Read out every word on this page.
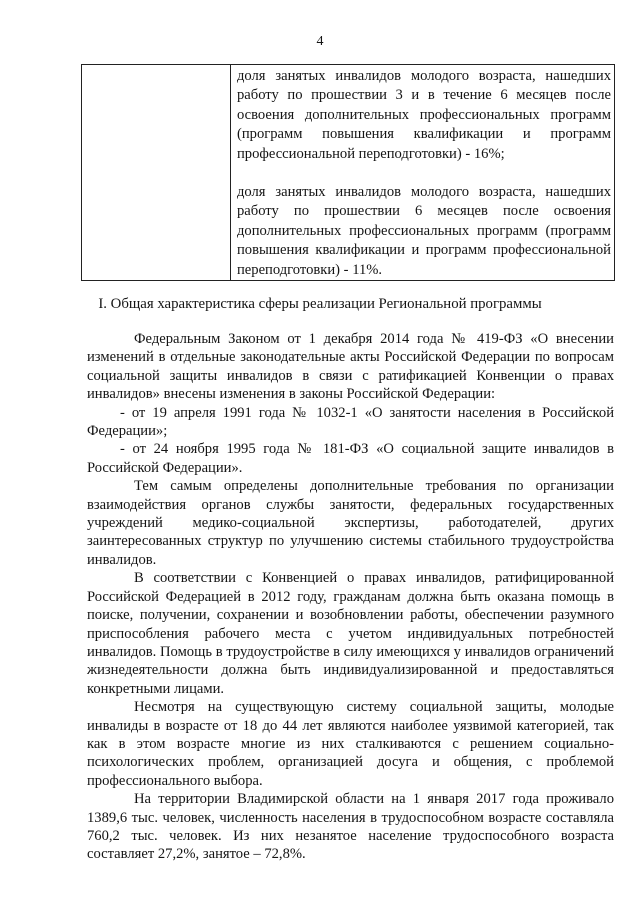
4

доля занятых инвалидов молодого возраста, нашедших работу по прошествии 3 и в течение 6 месяцев после освоения дополнительных профессиональных программ (программ повышения квалификации и программ профессиональной переподготовки) - 16%;

доля занятых инвалидов молодого возраста, нашедших работу по прошествии 6 месяцев после освоения дополнительных профессиональных программ (программ повышения квалификации и программ профессиональной переподготовки) - 11%.

I. Общая характеристика сферы реализации Региональной программы

Федеральным Законом от 1 декабря 2014 года № 419-ФЗ «О внесении изменений в отдельные законодательные акты Российской Федерации по вопросам социальной защиты инвалидов в связи с ратификацией Конвенции о правах инвалидов» внесены изменения в законы Российской Федерации:

- от 19 апреля 1991 года № 1032-1 «О занятости населения в Российской Федерации»;

- от 24 ноября 1995 года № 181-ФЗ «О социальной защите инвалидов в Российской Федерации».

Тем самым определены дополнительные требования по организации взаимодействия органов службы занятости, федеральных государственных учреждений медико-социальной экспертизы, работодателей, других заинтересованных структур по улучшению системы стабильного трудоустройства инвалидов.

В соответствии с Конвенцией о правах инвалидов, ратифицированной Российской Федерацией в 2012 году, гражданам должна быть оказана помощь в поиске, получении, сохранении и возобновлении работы, обеспечении разумного приспособления рабочего места с учетом индивидуальных потребностей инвалидов. Помощь в трудоустройстве в силу имеющихся у инвалидов ограничений жизнедеятельности должна быть индивидуализированной и предоставляться конкретными лицами.

Несмотря на существующую систему социальной защиты, молодые инвалиды в возрасте от 18 до 44 лет являются наиболее уязвимой категорией, так как в этом возрасте многие из них сталкиваются с решением социально-психологических проблем, организацией досуга и общения, с проблемой профессионального выбора.

На территории Владимирской области на 1 января 2017 года проживало 1389,6 тыс. человек, численность населения в трудоспособном возрасте составляла 760,2 тыс. человек. Из них незанятое население трудоспособного возраста составляет 27,2%, занятое – 72,8%.
